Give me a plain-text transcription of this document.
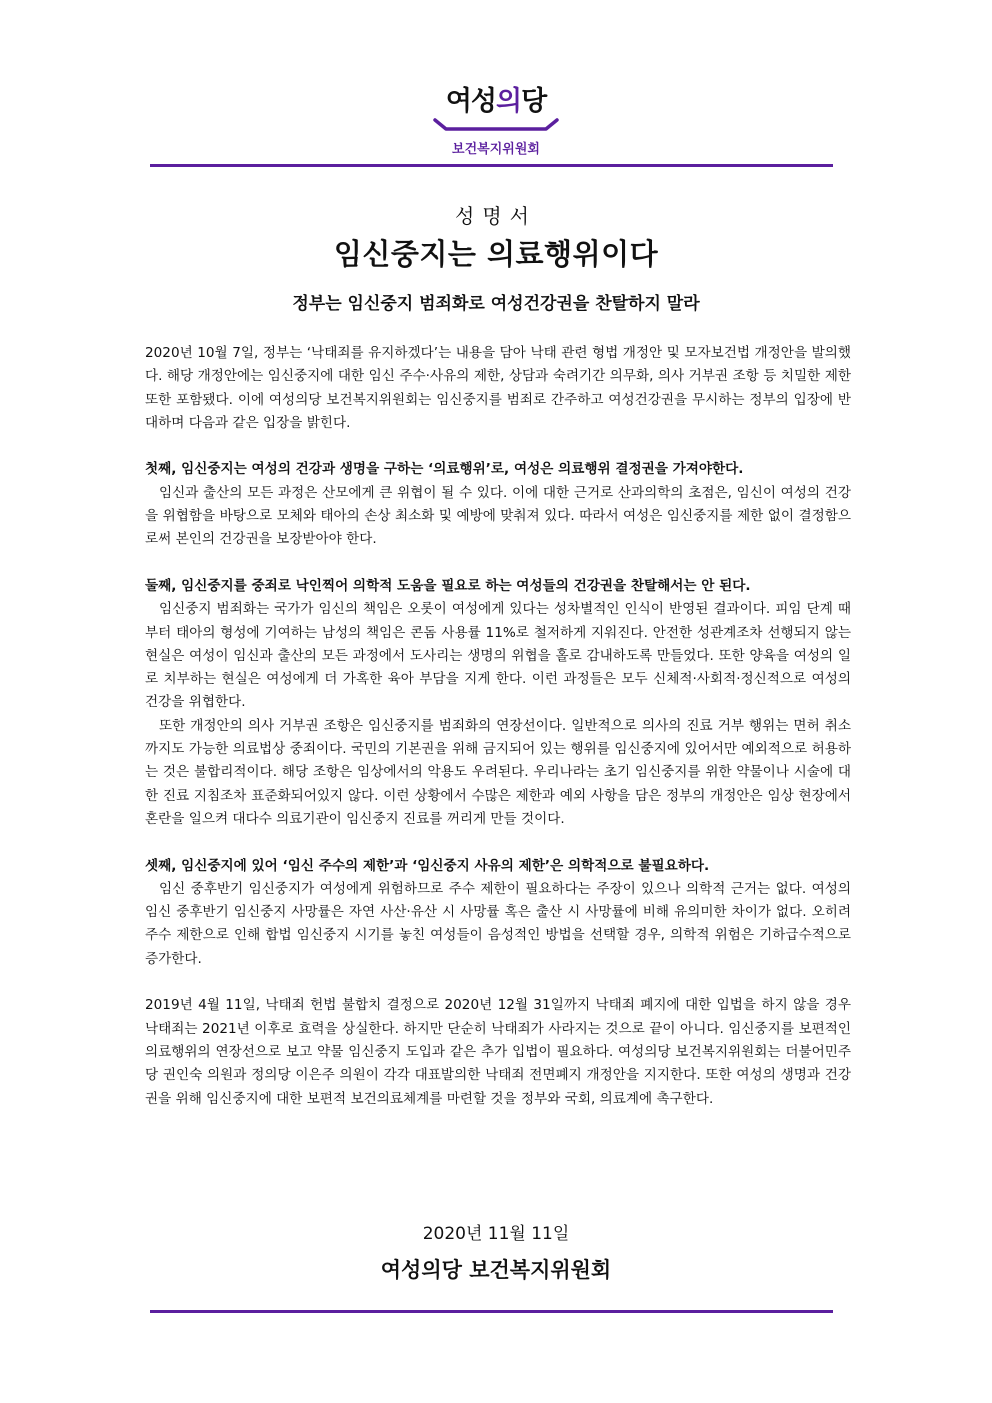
여성의당
보건복지위원회
성명서
임신중지는 의료행위이다
정부는 임신중지 범죄화로 여성건강권을 찬탈하지 말라

2020년 10월 7일, 정부는 ‘낙태죄를 유지하겠다’는 내용을 담아 낙태 관련 형법 개정안 및 모자보건법 개정안을 발의했다. 해당 개정안에는 임신중지에 대한 임신 주수·사유의 제한, 상담과 숙려기간 의무화, 의사 거부권 조항 등 치밀한 제한 또한 포함됐다. 이에 여성의당 보건복지위원회는 임신중지를 범죄로 간주하고 여성건강권을 무시하는 정부의 입장에 반대하며 다음과 같은 입장을 밝힌다.

첫째, 임신중지는 여성의 건강과 생명을 구하는 ‘의료행위’로, 여성은 의료행위 결정권을 가져야한다.

임신과 출산의 모든 과정은 산모에게 큰 위협이 될 수 있다. 이에 대한 근거로 산과의학의 초점은, 임신이 여성의 건강을 위협함을 바탕으로 모체와 태아의 손상 최소화 및 예방에 맞춰져 있다. 따라서 여성은 임신중지를 제한 없이 결정함으로써 본인의 건강권을 보장받아야 한다.

둘째, 임신중지를 중죄로 낙인찍어 의학적 도움을 필요로 하는 여성들의 건강권을 찬탈해서는 안 된다.

임신중지 범죄화는 국가가 임신의 책임은 오롯이 여성에게 있다는 성차별적인 인식이 반영된 결과이다. 피임 단계 때부터 태아의 형성에 기여하는 남성의 책임은 콘돔 사용률 11%로 철저하게 지워진다. 안전한 성관계조차 선행되지 않는 현실은 여성이 임신과 출산의 모든 과정에서 도사리는 생명의 위협을 홀로 감내하도록 만들었다. 또한 양육을 여성의 일로 치부하는 현실은 여성에게 더 가혹한 육아 부담을 지게 한다. 이런 과정들은 모두 신체적·사회적·정신적으로 여성의 건강을 위협한다.

또한 개정안의 의사 거부권 조항은 임신중지를 범죄화의 연장선이다. 일반적으로 의사의 진료 거부 행위는 면허 취소까지도 가능한 의료법상 중죄이다. 국민의 기본권을 위해 금지되어 있는 행위를 임신중지에 있어서만 예외적으로 허용하는 것은 불합리적이다. 해당 조항은 임상에서의 악용도 우려된다. 우리나라는 초기 임신중지를 위한 약물이나 시술에 대한 진료 지침조차 표준화되어있지 않다. 이런 상황에서 수많은 제한과 예외 사항을 담은 정부의 개정안은 임상 현장에서 혼란을 일으켜 대다수 의료기관이 임신중지 진료를 꺼리게 만들 것이다.

셋째, 임신중지에 있어 ‘임신 주수의 제한’과 ‘임신중지 사유의 제한’은 의학적으로 불필요하다.

임신 중후반기 임신중지가 여성에게 위험하므로 주수 제한이 필요하다는 주장이 있으나 의학적 근거는 없다. 여성의 임신 중후반기 임신중지 사망률은 자연 사산·유산 시 사망률 혹은 출산 시 사망률에 비해 유의미한 차이가 없다. 오히려 주수 제한으로 인해 합법 임신중지 시기를 놓친 여성들이 음성적인 방법을 선택할 경우, 의학적 위험은 기하급수적으로 증가한다.

2019년 4월 11일, 낙태죄 헌법 불합치 결정으로 2020년 12월 31일까지 낙태죄 폐지에 대한 입법을 하지 않을 경우 낙태죄는 2021년 이후로 효력을 상실한다. 하지만 단순히 낙태죄가 사라지는 것으로 끝이 아니다. 임신중지를 보편적인 의료행위의 연장선으로 보고 약물 임신중지 도입과 같은 추가 입법이 필요하다. 여성의당 보건복지위원회는 더불어민주당 권인숙 의원과 정의당 이은주 의원이 각각 대표발의한 낙태죄 전면폐지 개정안을 지지한다. 또한 여성의 생명과 건강권을 위해 임신중지에 대한 보편적 보건의료체계를 마련할 것을 정부와 국회, 의료계에 촉구한다.

2020년 11월 11일
여성의당 보건복지위원회
